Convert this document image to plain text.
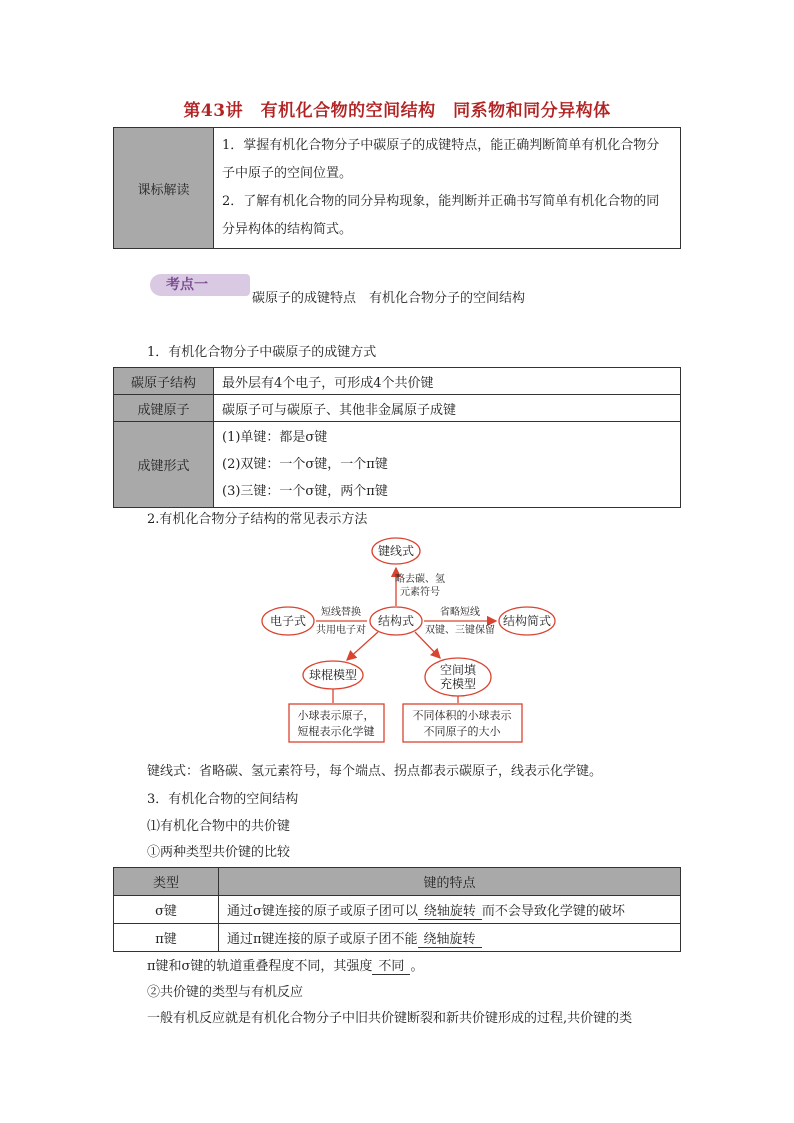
第43讲　有机化合物的空间结构　同系物和同分异构体
课标解读	
1．掌握有机化合物分子中碳原子的成键特点，能正确判断简单有机化合物分子中原子的空间位置。
2．了解有机化合物的同分异构现象，能判断并正确书写简单有机化合物的同分异构体的结构简式。
考点一
碳原子的成键特点　有机化合物分子的空间结构
1．有机化合物分子中碳原子的成键方式
碳原子结构	最外层有4个电子，可形成4个共价键
成键原子	碳原子可与碳原子、其他非金属原子成键
成键形式	(1)单键：都是σ键
(2)双键：一个σ键，一个π键
(3)三键：一个σ键，两个π键
2.有机化合物分子结构的常见表示方法
键线式
电子式	结构式	结构简式
球棍模型	空间填
充模型
略去碳、氢
元素符号
短线替换
共用电子对
省略短线
双键、三键保留
小球表示原子，
短棍表示化学键
不同体积的小球表示
不同原子的大小
键线式：省略碳、氢元素符号，每个端点、拐点都表示碳原子，线表示化学键。
3．有机化合物的空间结构
⑴有机化合物中的共价键
①两种类型共价键的比较
类型	键的特点
σ键	通过σ键连接的原子或原子团可以 绕轴旋转 而不会导致化学键的破坏
π键	通过π键连接的原子或原子团不能 绕轴旋转
π键和σ键的轨道重叠程度不同，其强度 不同 。
②共价键的类型与有机反应
一般有机反应就是有机化合物分子中旧共价键断裂和新共价键形成的过程,共价键的类
